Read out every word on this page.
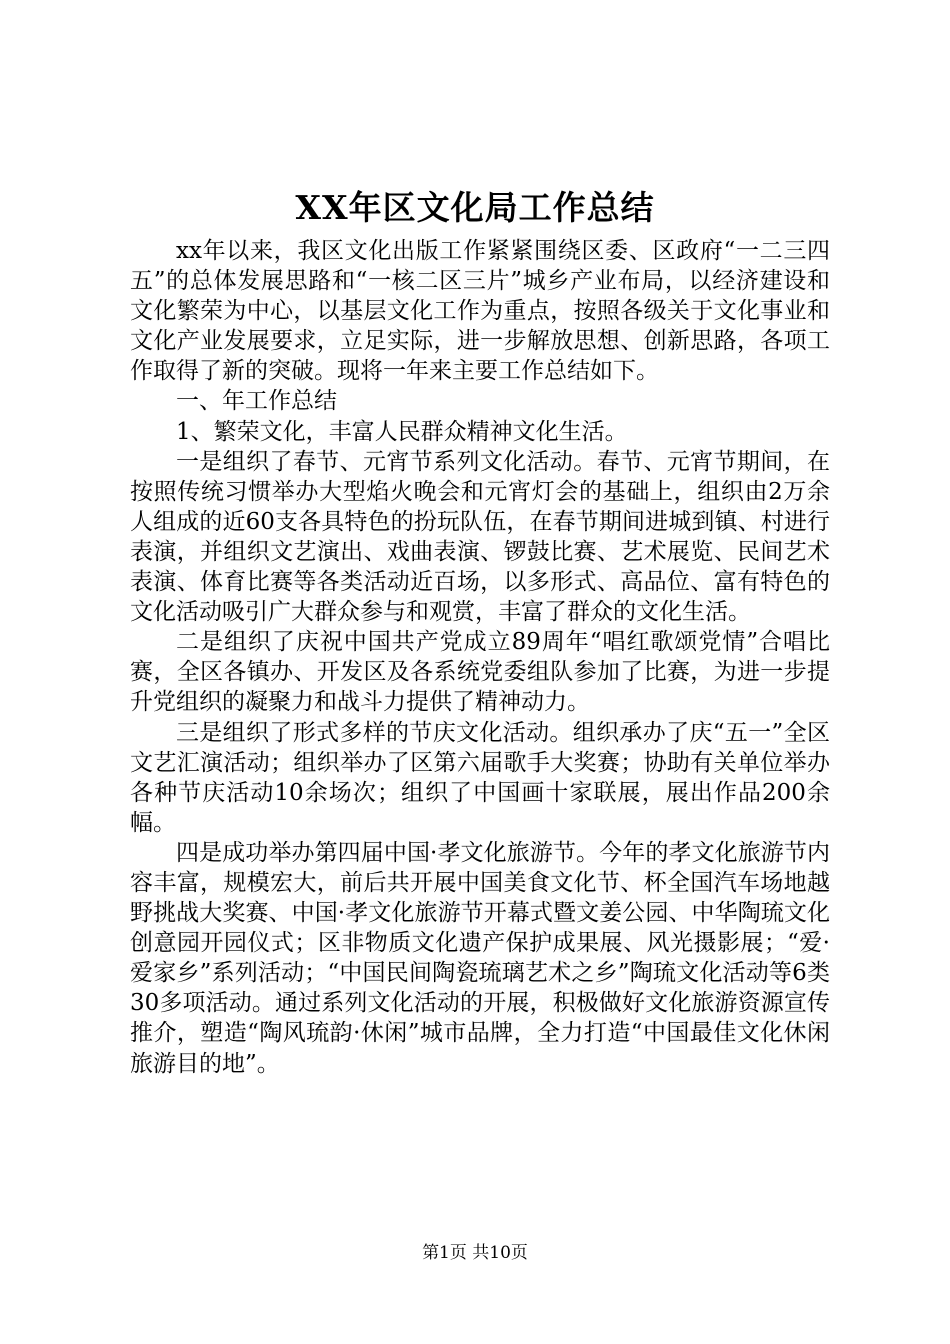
XX年区文化局工作总结

xx年以来，我区文化出版工作紧紧围绕区委、区政府“一二三四五”的总体发展思路和“一核二区三片”城乡产业布局，以经济建设和文化繁荣为中心，以基层文化工作为重点，按照各级关于文化事业和文化产业发展要求，立足实际，进一步解放思想、创新思路，各项工作取得了新的突破。现将一年来主要工作总结如下。

一、年工作总结

1、繁荣文化，丰富人民群众精神文化生活。

一是组织了春节、元宵节系列文化活动。春节、元宵节期间，在按照传统习惯举办大型焰火晚会和元宵灯会的基础上，组织由2万余人组成的近60支各具特色的扮玩队伍，在春节期间进城到镇、村进行表演，并组织文艺演出、戏曲表演、锣鼓比赛、艺术展览、民间艺术表演、体育比赛等各类活动近百场，以多形式、高品位、富有特色的文化活动吸引广大群众参与和观赏，丰富了群众的文化生活。

二是组织了庆祝中国共产党成立89周年“唱红歌颂党情”合唱比赛，全区各镇办、开发区及各系统党委组队参加了比赛，为进一步提升党组织的凝聚力和战斗力提供了精神动力。

三是组织了形式多样的节庆文化活动。组织承办了庆“五一”全区文艺汇演活动；组织举办了区第六届歌手大奖赛；协助有关单位举办各种节庆活动10余场次；组织了中国画十家联展，展出作品200余幅。

四是成功举办第四届中国·孝文化旅游节。今年的孝文化旅游节内容丰富，规模宏大，前后共开展中国美食文化节、杯全国汽车场地越野挑战大奖赛、中国·孝文化旅游节开幕式暨文姜公园、中华陶琉文化创意园开园仪式；区非物质文化遗产保护成果展、风光摄影展；“爱·爱家乡”系列活动；“中国民间陶瓷琉璃艺术之乡”陶琉文化活动等6类30多项活动。通过系列文化活动的开展，积极做好文化旅游资源宣传推介，塑造“陶风琉韵·休闲”城市品牌，全力打造“中国最佳文化休闲旅游目的地”。

第1页 共10页
